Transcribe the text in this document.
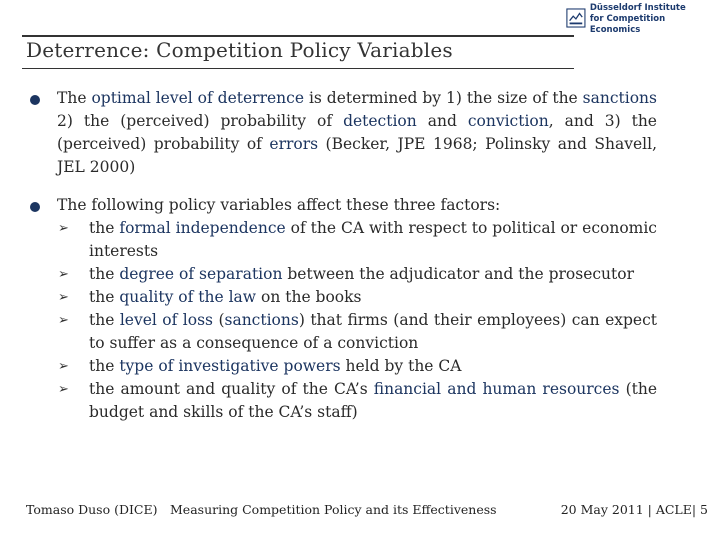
Düsseldorf Institute
for Competition Economics
Deterrence: Competition Policy Variables
The optimal level of deterrence is determined by 1) the size of the sanctions 2) the (perceived) probability of detection and conviction, and 3) the (perceived) probability of errors (Becker, JPE 1968; Polinsky and Shavell, JEL 2000)
The following policy variables affect these three factors:
➢ the formal independence of the CA with respect to political or economic interests
➢ the degree of separation between the adjudicator and the prosecutor
➢ the quality of the law on the books
➢ the level of loss (sanctions) that firms (and their employees) can expect to suffer as a consequence of a conviction
➢ the type of investigative powers held by the CA
➢ the amount and quality of the CA’s financial and human resources (the budget and skills of the CA’s staff)
Tomaso Duso (DICE) Measuring Competition Policy and its Effectiveness	20 May 2011 | ACLE| 5
